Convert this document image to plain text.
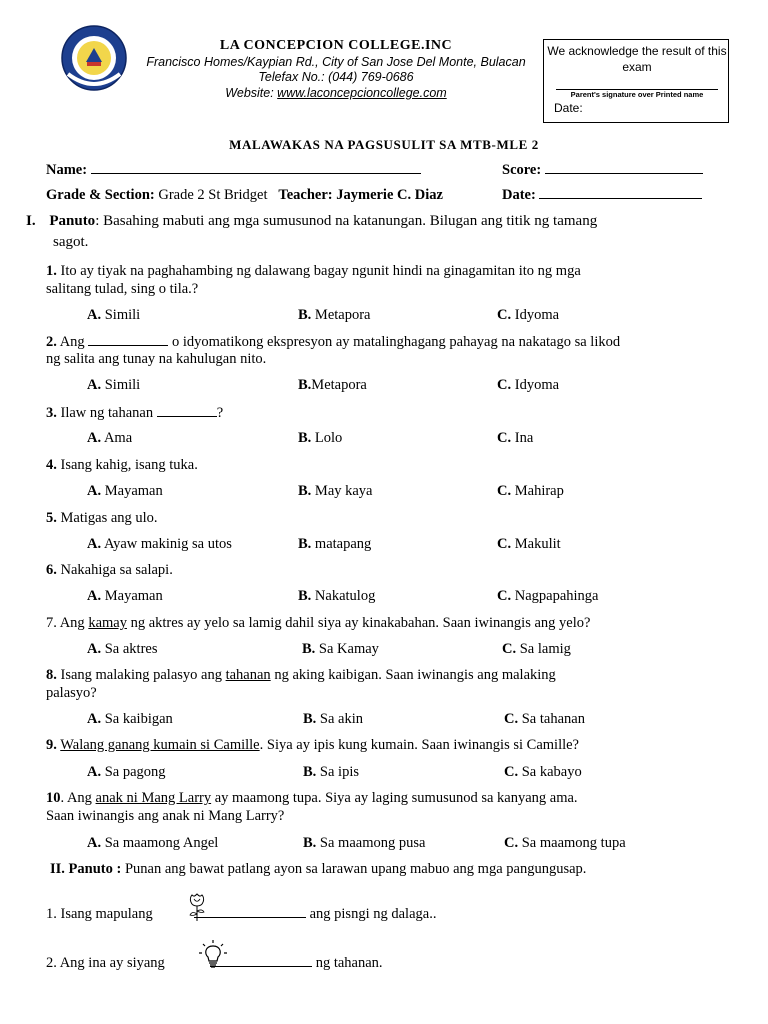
LA CONCEPCION COLLEGE.INC
Francisco Homes/Kaypian Rd., City of San Jose Del Monte, Bulacan
Telefax No.: (044) 769-0686
Website: www.laconcepcioncollege.com
We acknowledge the result of this exam
Parent's signature over Printed name
Date:
MALAWAKAS NA PAGSUSULIT SA MTB-MLE 2
Name:	Score:
Grade & Section: Grade 2 St Bridget Teacher: Jaymerie C. Diaz	Date:
I. Panuto: Basahing mabuti ang mga sumusunod na katanungan. Bilugan ang titik ng tamang
sagot.
1. Ito ay tiyak na paghahambing ng dalawang bagay ngunit hindi na ginagamitan ito ng mga
salitang tulad, sing o tila.?
A. Simili	B. Metapora	C. Idyoma
2. Ang	o idyomatikong ekspresyon ay matalinghagang pahayag na nakatago sa likod
ng salita ang tunay na kahulugan nito.
A. Simili	B.Metapora	C. Idyoma
3. Ilaw ng tahanan	?
A. Ama	B. Lolo	C. Ina
4. Isang kahig, isang tuka.
A. Mayaman	B. May kaya	C. Mahirap
5. Matigas ang ulo.
A. Ayaw makinig sa utos	B. matapang	C. Makulit
6. Nakahiga sa salapi.
A. Mayaman	B. Nakatulog	C. Nagpapahinga
7. Ang kamay ng aktres ay yelo sa lamig dahil siya ay kinakabahan. Saan iwinangis ang yelo?
A. Sa aktres	B. Sa Kamay	C. Sa lamig
8. Isang malaking palasyo ang tahanan ng aking kaibigan. Saan iwinangis ang malaking
palasyo?
A. Sa kaibigan	B. Sa akin	C. Sa tahanan
9. Walang ganang kumain si Camille. Siya ay ipis kung kumain. Saan iwinangis si Camille?
A. Sa pagong	B. Sa ipis	C. Sa kabayo
10. Ang anak ni Mang Larry ay maamong tupa. Siya ay laging sumusunod sa kanyang ama.
Saan iwinangis ang anak ni Mang Larry?
A. Sa maamong Angel	B. Sa maamong pusa	C. Sa maamong tupa
II. Panuto : Punan ang bawat patlang ayon sa larawan upang mabuo ang mga pangungusap.
1. Isang mapulang	ang pisngi ng dalaga..
2. Ang ina ay siyang	ng tahanan.
